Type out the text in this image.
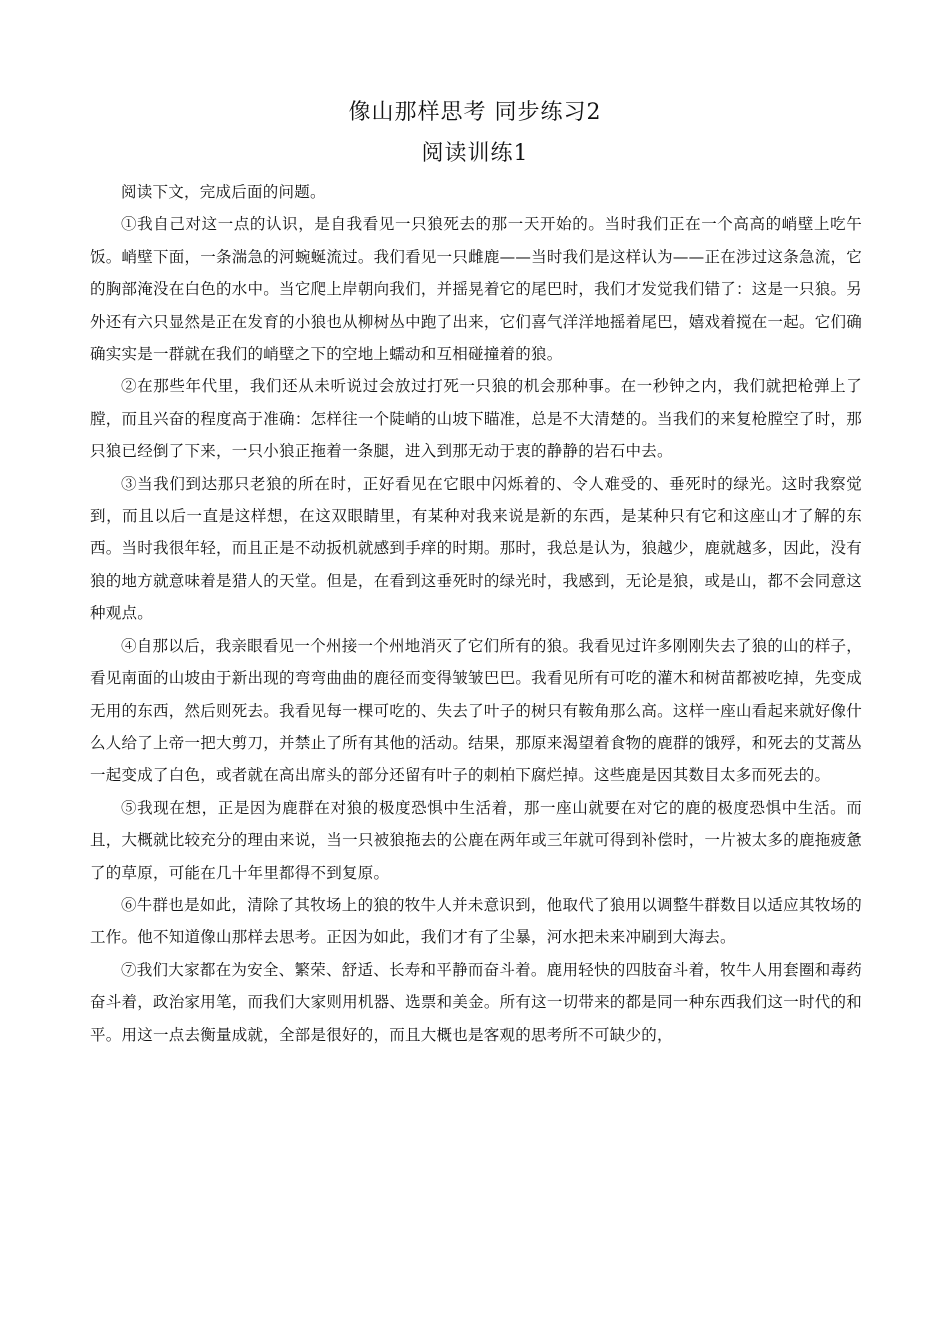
像山那样思考 同步练习2
阅读训练1

阅读下文，完成后面的问题。

①我自己对这一点的认识，是自我看见一只狼死去的那一天开始的。当时我们正在一个高高的峭壁上吃午饭。峭壁下面，一条湍急的河蜿蜒流过。我们看见一只雌鹿——当时我们是这样认为——正在涉过这条急流，它的胸部淹没在白色的水中。当它爬上岸朝向我们，并摇晃着它的尾巴时，我们才发觉我们错了：这是一只狼。另外还有六只显然是正在发育的小狼也从柳树丛中跑了出来，它们喜气洋洋地摇着尾巴，嬉戏着搅在一起。它们确确实实是一群就在我们的峭壁之下的空地上蠕动和互相碰撞着的狼。

②在那些年代里，我们还从未听说过会放过打死一只狼的机会那种事。在一秒钟之内，我们就把枪弹上了膛，而且兴奋的程度高于准确：怎样往一个陡峭的山坡下瞄准，总是不大清楚的。当我们的来复枪膛空了时，那只狼已经倒了下来，一只小狼正拖着一条腿，进入到那无动于衷的静静的岩石中去。

③当我们到达那只老狼的所在时，正好看见在它眼中闪烁着的、令人难受的、垂死时的绿光。这时我察觉到，而且以后一直是这样想，在这双眼睛里，有某种对我来说是新的东西，是某种只有它和这座山才了解的东西。当时我很年轻，而且正是不动扳机就感到手痒的时期。那时，我总是认为，狼越少，鹿就越多，因此，没有狼的地方就意味着是猎人的天堂。但是，在看到这垂死时的绿光时，我感到，无论是狼，或是山，都不会同意这种观点。

④自那以后，我亲眼看见一个州接一个州地消灭了它们所有的狼。我看见过许多刚刚失去了狼的山的样子，看见南面的山坡由于新出现的弯弯曲曲的鹿径而变得皱皱巴巴。我看见所有可吃的灌木和树苗都被吃掉，先变成无用的东西，然后则死去。我看见每一棵可吃的、失去了叶子的树只有鞍角那么高。这样一座山看起来就好像什么人给了上帝一把大剪刀，并禁止了所有其他的活动。结果，那原来渴望着食物的鹿群的饿殍，和死去的艾蒿丛一起变成了白色，或者就在高出席头的部分还留有叶子的刺柏下腐烂掉。这些鹿是因其数目太多而死去的。

⑤我现在想，正是因为鹿群在对狼的极度恐惧中生活着，那一座山就要在对它的鹿的极度恐惧中生活。而且，大概就比较充分的理由来说，当一只被狼拖去的公鹿在两年或三年就可得到补偿时，一片被太多的鹿拖疲惫了的草原，可能在几十年里都得不到复原。

⑥牛群也是如此，清除了其牧场上的狼的牧牛人并未意识到，他取代了狼用以调整牛群数目以适应其牧场的工作。他不知道像山那样去思考。正因为如此，我们才有了尘暴，河水把未来冲刷到大海去。

⑦我们大家都在为安全、繁荣、舒适、长寿和平静而奋斗着。鹿用轻快的四肢奋斗着，牧牛人用套圈和毒药奋斗着，政治家用笔，而我们大家则用机器、选票和美金。所有这一切带来的都是同一种东西我们这一时代的和平。用这一点去衡量成就，全部是很好的，而且大概也是客观的思考所不可缺少的，
